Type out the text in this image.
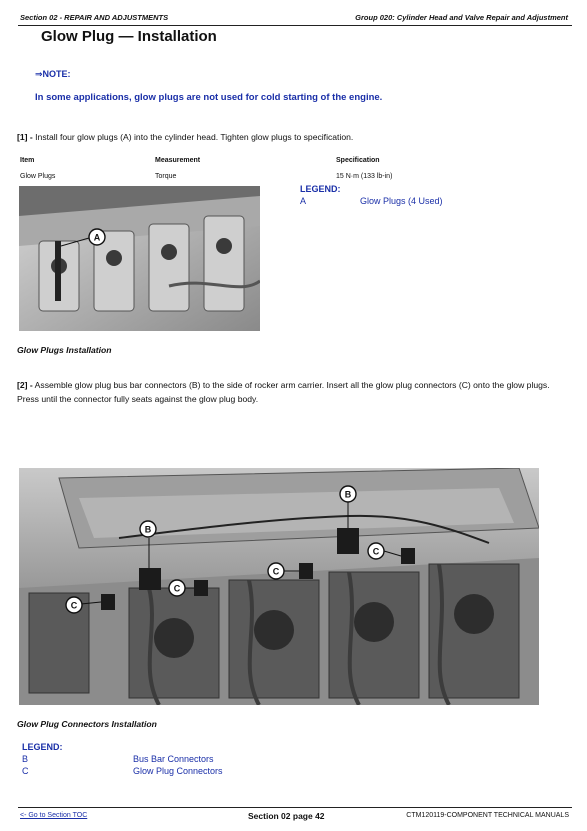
Section 02 - REPAIR AND ADJUSTMENTS	Group 020: Cylinder Head and Valve Repair and Adjustment
Glow Plug — Installation
⇒NOTE:
In some applications, glow plugs are not used for cold starting of the engine.
[1] - Install four glow plugs (A) into the cylinder head. Tighten glow plugs to specification.
Item	Measurement	Specification
Glow Plugs	Torque	15 N·m (133 lb-in)
LEGEND:
A	Glow Plugs (4 Used)
A
Glow Plugs Installation
[2] - Assemble glow plug bus bar connectors (B) to the side of rocker arm carrier. Insert all the glow plug connectors (C) onto the glow plugs. Press until the connector fully seats against the glow plug body.
B
B
C
C
C
C
Glow Plug Connectors Installation
LEGEND:
B	Bus Bar Connectors
C	Glow Plug Connectors
<- Go to Section TOC	Section 02 page 42	CTM120119-COMPONENT TECHNICAL MANUALS
